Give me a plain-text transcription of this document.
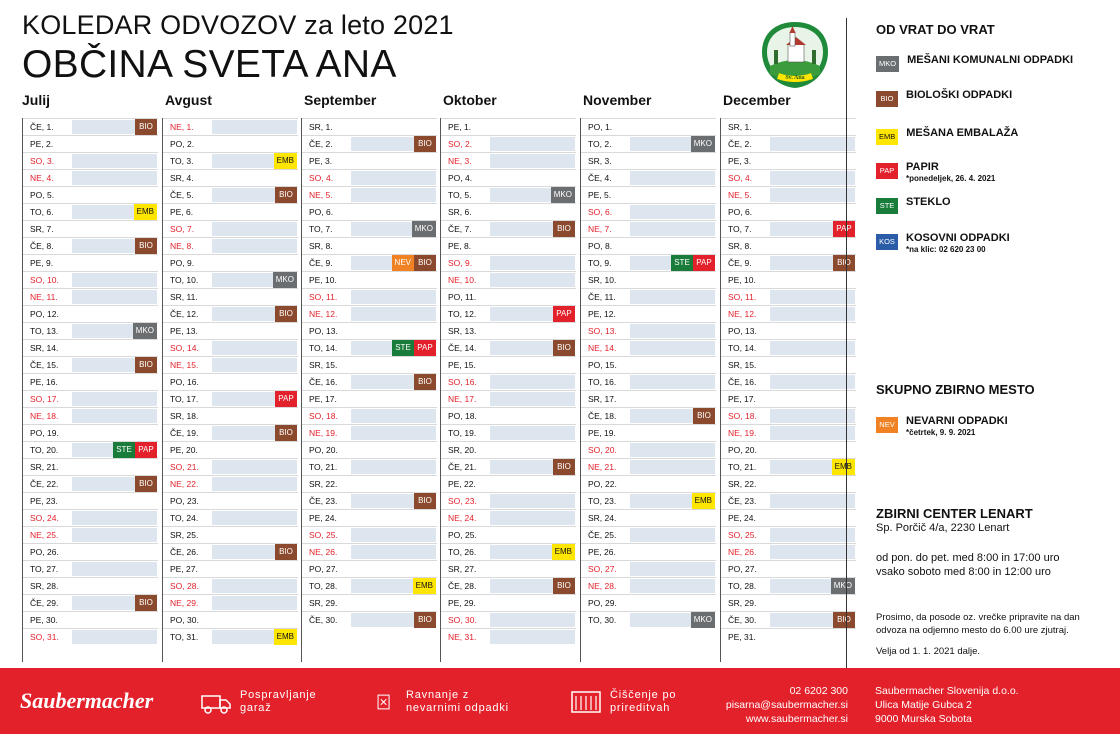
KOLEDAR ODVOZOV za leto 2021
OBČINA SVETA ANA	Sv. Ana
Julij
ČE, 1.	BIO
PE, 2.
SO, 3.
NE, 4.
PO, 5.
TO, 6.	EMB
SR, 7.
ČE, 8.	BIO
PE, 9.
SO, 10.
NE, 11.
PO, 12.
TO, 13.	MKO
SR, 14.
ČE, 15.	BIO
PE, 16.
SO, 17.
NE, 18.
PO, 19.
TO, 20.	STE PAP
SR, 21.
ČE, 22.	BIO
PE, 23.
SO, 24.
NE, 25.
PO, 26.
TO, 27.
SR, 28.
ČE, 29.	BIO
PE, 30.
SO, 31.
Avgust
NE, 1.
PO, 2.
TO, 3.	EMB
SR, 4.
ČE, 5.	BIO
PE, 6.
SO, 7.
NE, 8.
PO, 9.
TO, 10.	MKO
SR, 11.
ČE, 12.	BIO
PE, 13.
SO, 14.
NE, 15.
PO, 16.
TO, 17.	PAP
SR, 18.
ČE, 19.	BIO
PE, 20.
SO, 21.
NE, 22.
PO, 23.
TO, 24.
SR, 25.
ČE, 26.	BIO
PE, 27.
SO, 28.
NE, 29.
PO, 30.
TO, 31.	EMB
September
SR, 1.
ČE, 2.	BIO
PE, 3.
SO, 4.
NE, 5.
PO, 6.
TO, 7.	MKO
SR, 8.
ČE, 9.	NEV BIO
PE, 10.
SO, 11.
NE, 12.
PO, 13.
TO, 14.	STE PAP
SR, 15.
ČE, 16.	BIO
PE, 17.
SO, 18.
NE, 19.
PO, 20.
TO, 21.
SR, 22.
ČE, 23.	BIO
PE, 24.
SO, 25.
NE, 26.
PO, 27.
TO, 28.	EMB
SR, 29.
ČE, 30.	BIO
Oktober
PE, 1.
SO, 2.
NE, 3.
PO, 4.
TO, 5.	MKO
SR, 6.
ČE, 7.	BIO
PE, 8.
SO, 9.
NE, 10.
PO, 11.
TO, 12.	PAP
SR, 13.
ČE, 14.	BIO
PE, 15.
SO, 16.
NE, 17.
PO, 18.
TO, 19.
SR, 20.
ČE, 21.	BIO
PE, 22.
SO, 23.
NE, 24.
PO, 25.
TO, 26.	EMB
SR, 27.
ČE, 28.	BIO
PE, 29.
SO, 30.
NE, 31.
November
PO, 1.
TO, 2.	MKO
SR, 3.
ČE, 4.
PE, 5.
SO, 6.
NE, 7.
PO, 8.
TO, 9.	STE PAP
SR, 10.
ČE, 11.
PE, 12.
SO, 13.
NE, 14.
PO, 15.
TO, 16.
SR, 17.
ČE, 18.	BIO
PE, 19.
SO, 20.
NE, 21.
PO, 22.
TO, 23.	EMB
SR, 24.
ČE, 25.
PE, 26.
SO, 27.
NE, 28.
PO, 29.
TO, 30.	MKO
December
SR, 1.
ČE, 2.
PE, 3.
SO, 4.
NE, 5.
PO, 6.
TO, 7.	PAP
SR, 8.
ČE, 9.	BIO
PE, 10.
SO, 11.
NE, 12.
PO, 13.
TO, 14.
SR, 15.
ČE, 16.
PE, 17.
SO, 18.
NE, 19.
PO, 20.
TO, 21.	EMB
SR, 22.
ČE, 23.
PE, 24.
SO, 25.
NE, 26.
PO, 27.
TO, 28.	MKO
SR, 29.
ČE, 30.	BIO
PE, 31.
OD VRAT DO VRAT
MKO MEŠANI KOMUNALNI ODPADKI
BIO	BIOLOŠKI ODPADKI
EMB MEŠANA EMBALAŽA
PAP	PAPIR
*ponedeljek, 26. 4. 2021
STE	STEKLO
KOS KOSOVNI ODPADKI
*na klic: 02 620 23 00
SKUPNO ZBIRNO MESTO
NEV NEVARNI ODPADKI
*četrtek, 9. 9. 2021
ZBIRNI CENTER LENART
Sp. Porčič 4/a, 2230 Lenart
od pon. do pet. med 8:00 in 17:00 uro
vsako soboto med 8:00 in 12:00 uro
Prosimo, da posode oz. vrečke pripravite na dan
odvoza na odjemno mesto do 6.00 ure zjutraj.
Velja od 1. 1. 2021 dalje.
Saubermacher	Pospravljanje
garaž
Ravnanje z
nevarnimi odpadki
Čiščenje po
prireditvah
02 6202 300
pisarna@saubermacher.si
www.saubermacher.si
Saubermacher Slovenija d.o.o.
Ulica Matije Gubca 2
9000 Murska Sobota
